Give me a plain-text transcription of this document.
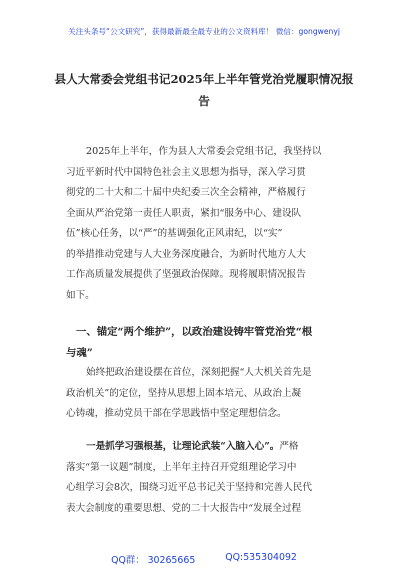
关注头条号“公文研究”，获得最新最全最专业的公文资料库！ 微信：gongwenyj
县人大常委会党组书记2025年上半年管党治党履职情况报
告
2025年上半年，作为县人大常委会党组书记，我坚持以
习近平新时代中国特色社会主义思想为指导，深入学习贯
彻党的二十大和二十届中央纪委三次全会精神，严格履行
全面从严治党第一责任人职责，紧扣“服务中心、建设队
伍”核心任务，以“严”的基调强化正风肃纪，以“实”
的举措推动党建与人大业务深度融合，为新时代地方人大
工作高质量发展提供了坚强政治保障。现将履职情况报告
如下。
一、锚定“两个维护”，以政治建设铸牢管党治党“根
与魂”
始终把政治建设摆在首位，深刻把握“人大机关首先是
政治机关”的定位，坚持从思想上固本培元、从政治上凝
心铸魂，推动党员干部在学思践悟中坚定理想信念。
一是抓学习强根基，让理论武装“入脑入心”。严格
落实“第一议题”制度，上半年主持召开党组理论学习中
心组学习会8次，围绕习近平总书记关于坚持和完善人民代
表大会制度的重要思想、党的二十大报告中“发展全过程
QQ群： 30265665	QQ:535304092
